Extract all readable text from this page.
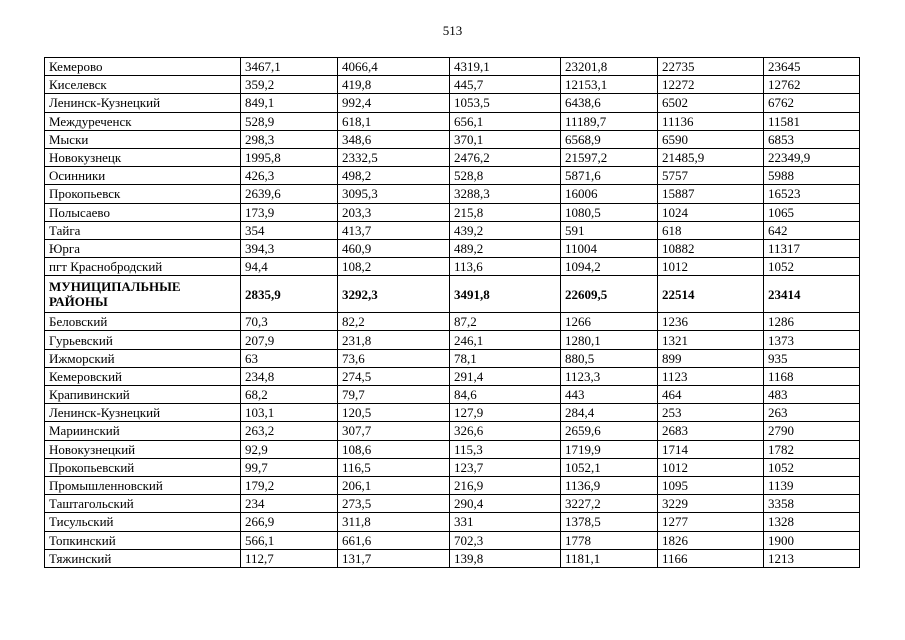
513
Кемерово	3467,1	4066,4	4319,1	23201,8	22735	23645
Киселевск	359,2	419,8	445,7	12153,1	12272	12762
Ленинск-Кузнецкий	849,1	992,4	1053,5	6438,6	6502	6762
Междуреченск	528,9	618,1	656,1	11189,7	11136	11581
Мыски	298,3	348,6	370,1	6568,9	6590	6853
Новокузнецк	1995,8	2332,5	2476,2	21597,2	21485,9	22349,9
Осинники	426,3	498,2	528,8	5871,6	5757	5988
Прокопьевск	2639,6	3095,3	3288,3	16006	15887	16523
Полысаево	173,9	203,3	215,8	1080,5	1024	1065
Тайга	354	413,7	439,2	591	618	642
Юрга	394,3	460,9	489,2	11004	10882	11317
пгт Краснобродский	94,4	108,2	113,6	1094,2	1012	1052
МУНИЦИПАЛЬНЫЕ РАЙОНЫ	2835,9	3292,3	3491,8	22609,5	22514	23414
Беловский	70,3	82,2	87,2	1266	1236	1286
Гурьевский	207,9	231,8	246,1	1280,1	1321	1373
Ижморский	63	73,6	78,1	880,5	899	935
Кемеровский	234,8	274,5	291,4	1123,3	1123	1168
Крапивинский	68,2	79,7	84,6	443	464	483
Ленинск-Кузнецкий	103,1	120,5	127,9	284,4	253	263
Мариинский	263,2	307,7	326,6	2659,6	2683	2790
Новокузнецкий	92,9	108,6	115,3	1719,9	1714	1782
Прокопьевский	99,7	116,5	123,7	1052,1	1012	1052
Промышленновский	179,2	206,1	216,9	1136,9	1095	1139
Таштагольский	234	273,5	290,4	3227,2	3229	3358
Тисульский	266,9	311,8	331	1378,5	1277	1328
Топкинский	566,1	661,6	702,3	1778	1826	1900
Тяжинский	112,7	131,7	139,8	1181,1	1166	1213
